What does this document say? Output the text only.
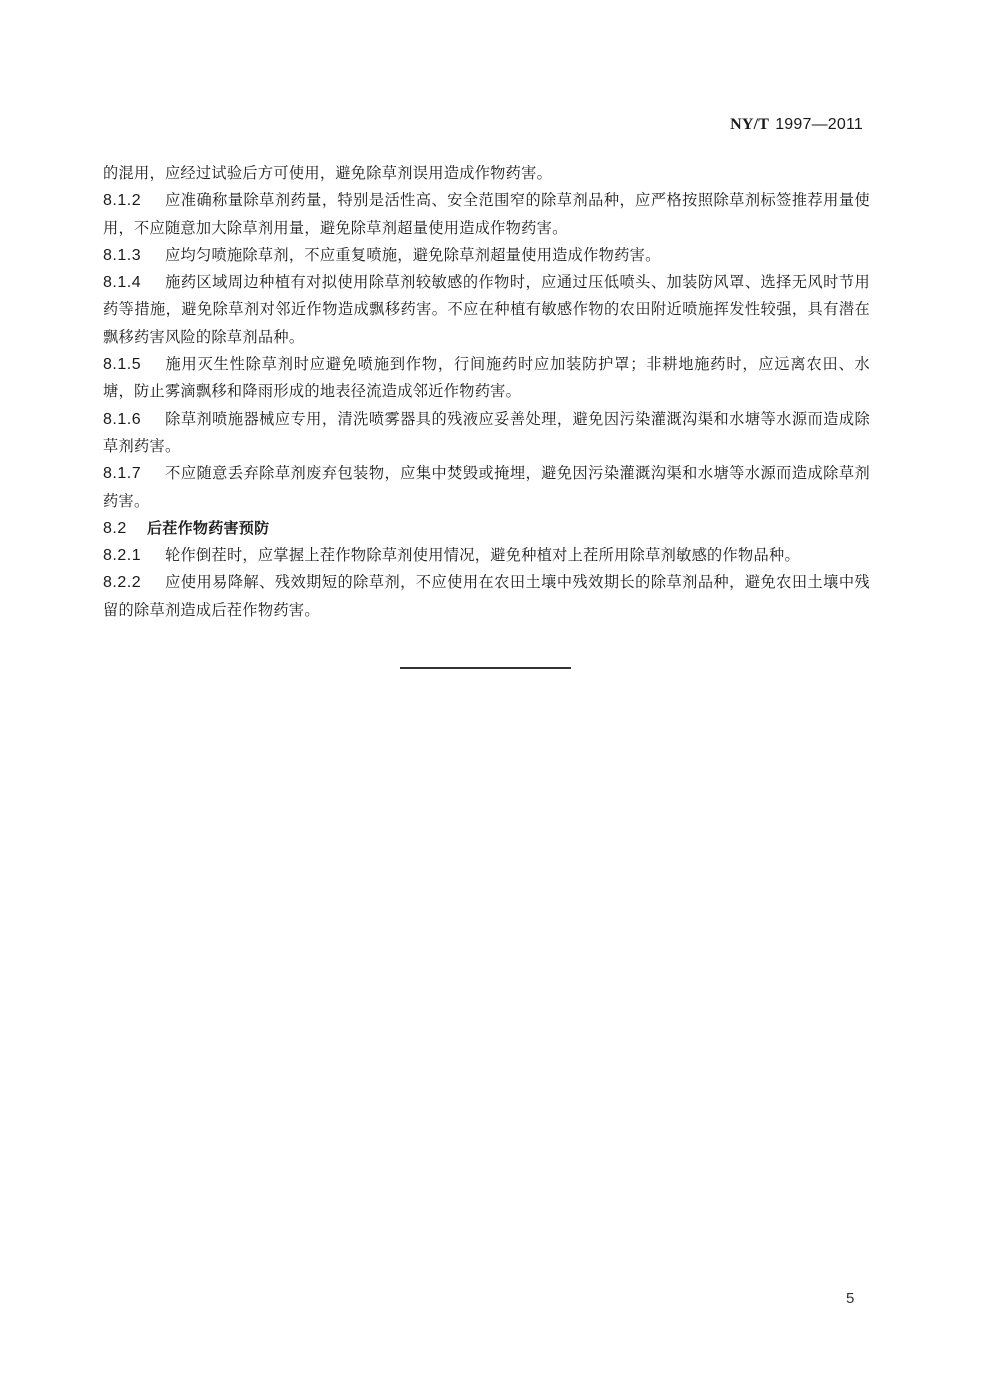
NY/T 1997—2011

的混用，应经过试验后方可使用，避免除草剂误用造成作物药害。

8.1.2 应准确称量除草剂药量，特别是活性高、安全范围窄的除草剂品种，应严格按照除草剂标签推荐用量使用，不应随意加大除草剂用量，避免除草剂超量使用造成作物药害。

8.1.3 应均匀喷施除草剂，不应重复喷施，避免除草剂超量使用造成作物药害。

8.1.4 施药区域周边种植有对拟使用除草剂较敏感的作物时，应通过压低喷头、加装防风罩、选择无风时节用药等措施，避免除草剂对邻近作物造成飘移药害。不应在种植有敏感作物的农田附近喷施挥发性较强，具有潜在飘移药害风险的除草剂品种。

8.1.5 施用灭生性除草剂时应避免喷施到作物，行间施药时应加装防护罩；非耕地施药时，应远离农田、水塘，防止雾滴飘移和降雨形成的地表径流造成邻近作物药害。

8.1.6 除草剂喷施器械应专用，清洗喷雾器具的残液应妥善处理，避免因污染灌溉沟渠和水塘等水源而造成除草剂药害。

8.1.7 不应随意丢弃除草剂废弃包装物，应集中焚毁或掩埋，避免因污染灌溉沟渠和水塘等水源而造成除草剂药害。

8.2 后茬作物药害预防

8.2.1 轮作倒茬时，应掌握上茬作物除草剂使用情况，避免种植对上茬所用除草剂敏感的作物品种。

8.2.2 应使用易降解、残效期短的除草剂，不应使用在农田土壤中残效期长的除草剂品种，避免农田土壤中残留的除草剂造成后茬作物药害。

5
